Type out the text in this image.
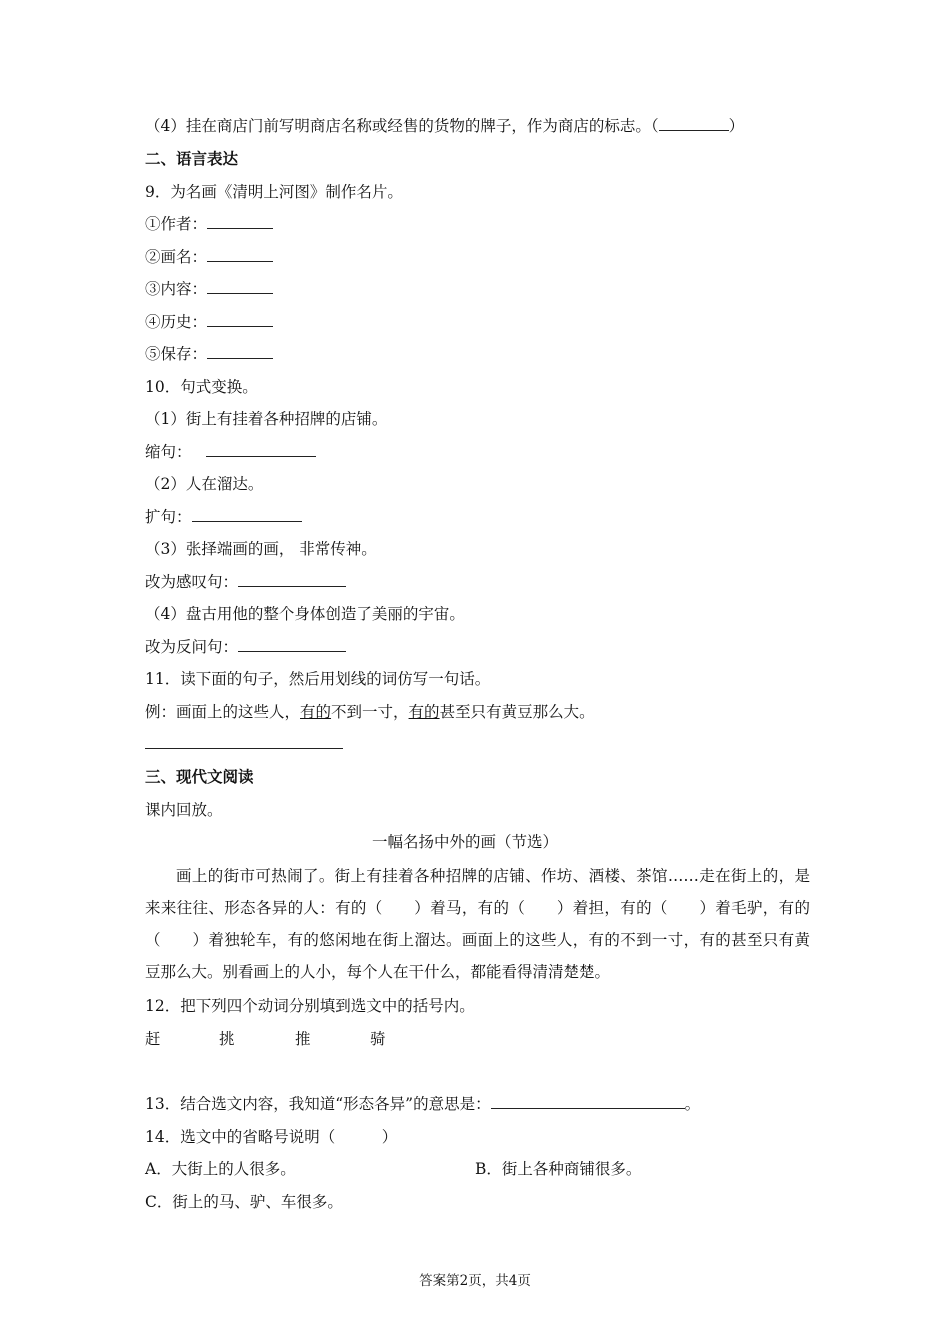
（4）挂在商店门前写明商店名称或经售的货物的牌子，作为商店的标志。（	）
二、语言表达
9．为名画《清明上河图》制作名片。
①作者：
②画名：
③内容：
④历史：
⑤保存：
10．句式变换。
（1）街上有挂着各种招牌的店铺。
缩句：
（2）人在溜达。
扩句：
（3）张择端画的画， 非常传神。
改为感叹句：
（4）盘古用他的整个身体创造了美丽的宇宙。
改为反问句：
11．读下面的句子，然后用划线的词仿写一句话。
例：画面上的这些人，有的不到一寸，有的甚至只有黄豆那么大。
三、现代文阅读
课内回放。
一幅名扬中外的画（节选）
画上的街市可热闹了。街上有挂着各种招牌的店铺、作坊、酒楼、茶馆……走在街上的，是来来往往、形态各异的人：有的（　　）着马，有的（　　）着担，有的（　　）着毛驴，有的（　　）着独轮车，有的悠闲地在街上溜达。画面上的这些人，有的不到一寸，有的甚至只有黄豆那么大。别看画上的人小，每个人在干什么，都能看得清清楚楚。
12．把下列四个动词分别填到选文中的括号内。
赶	挑	推	骑
13．结合选文内容，我知道“形态各异”的意思是：	。
14．选文中的省略号说明（　　　）
A．大街上的人很多。	B．街上各种商铺很多。
C．街上的马、驴、车很多。
答案第2页，共4页
